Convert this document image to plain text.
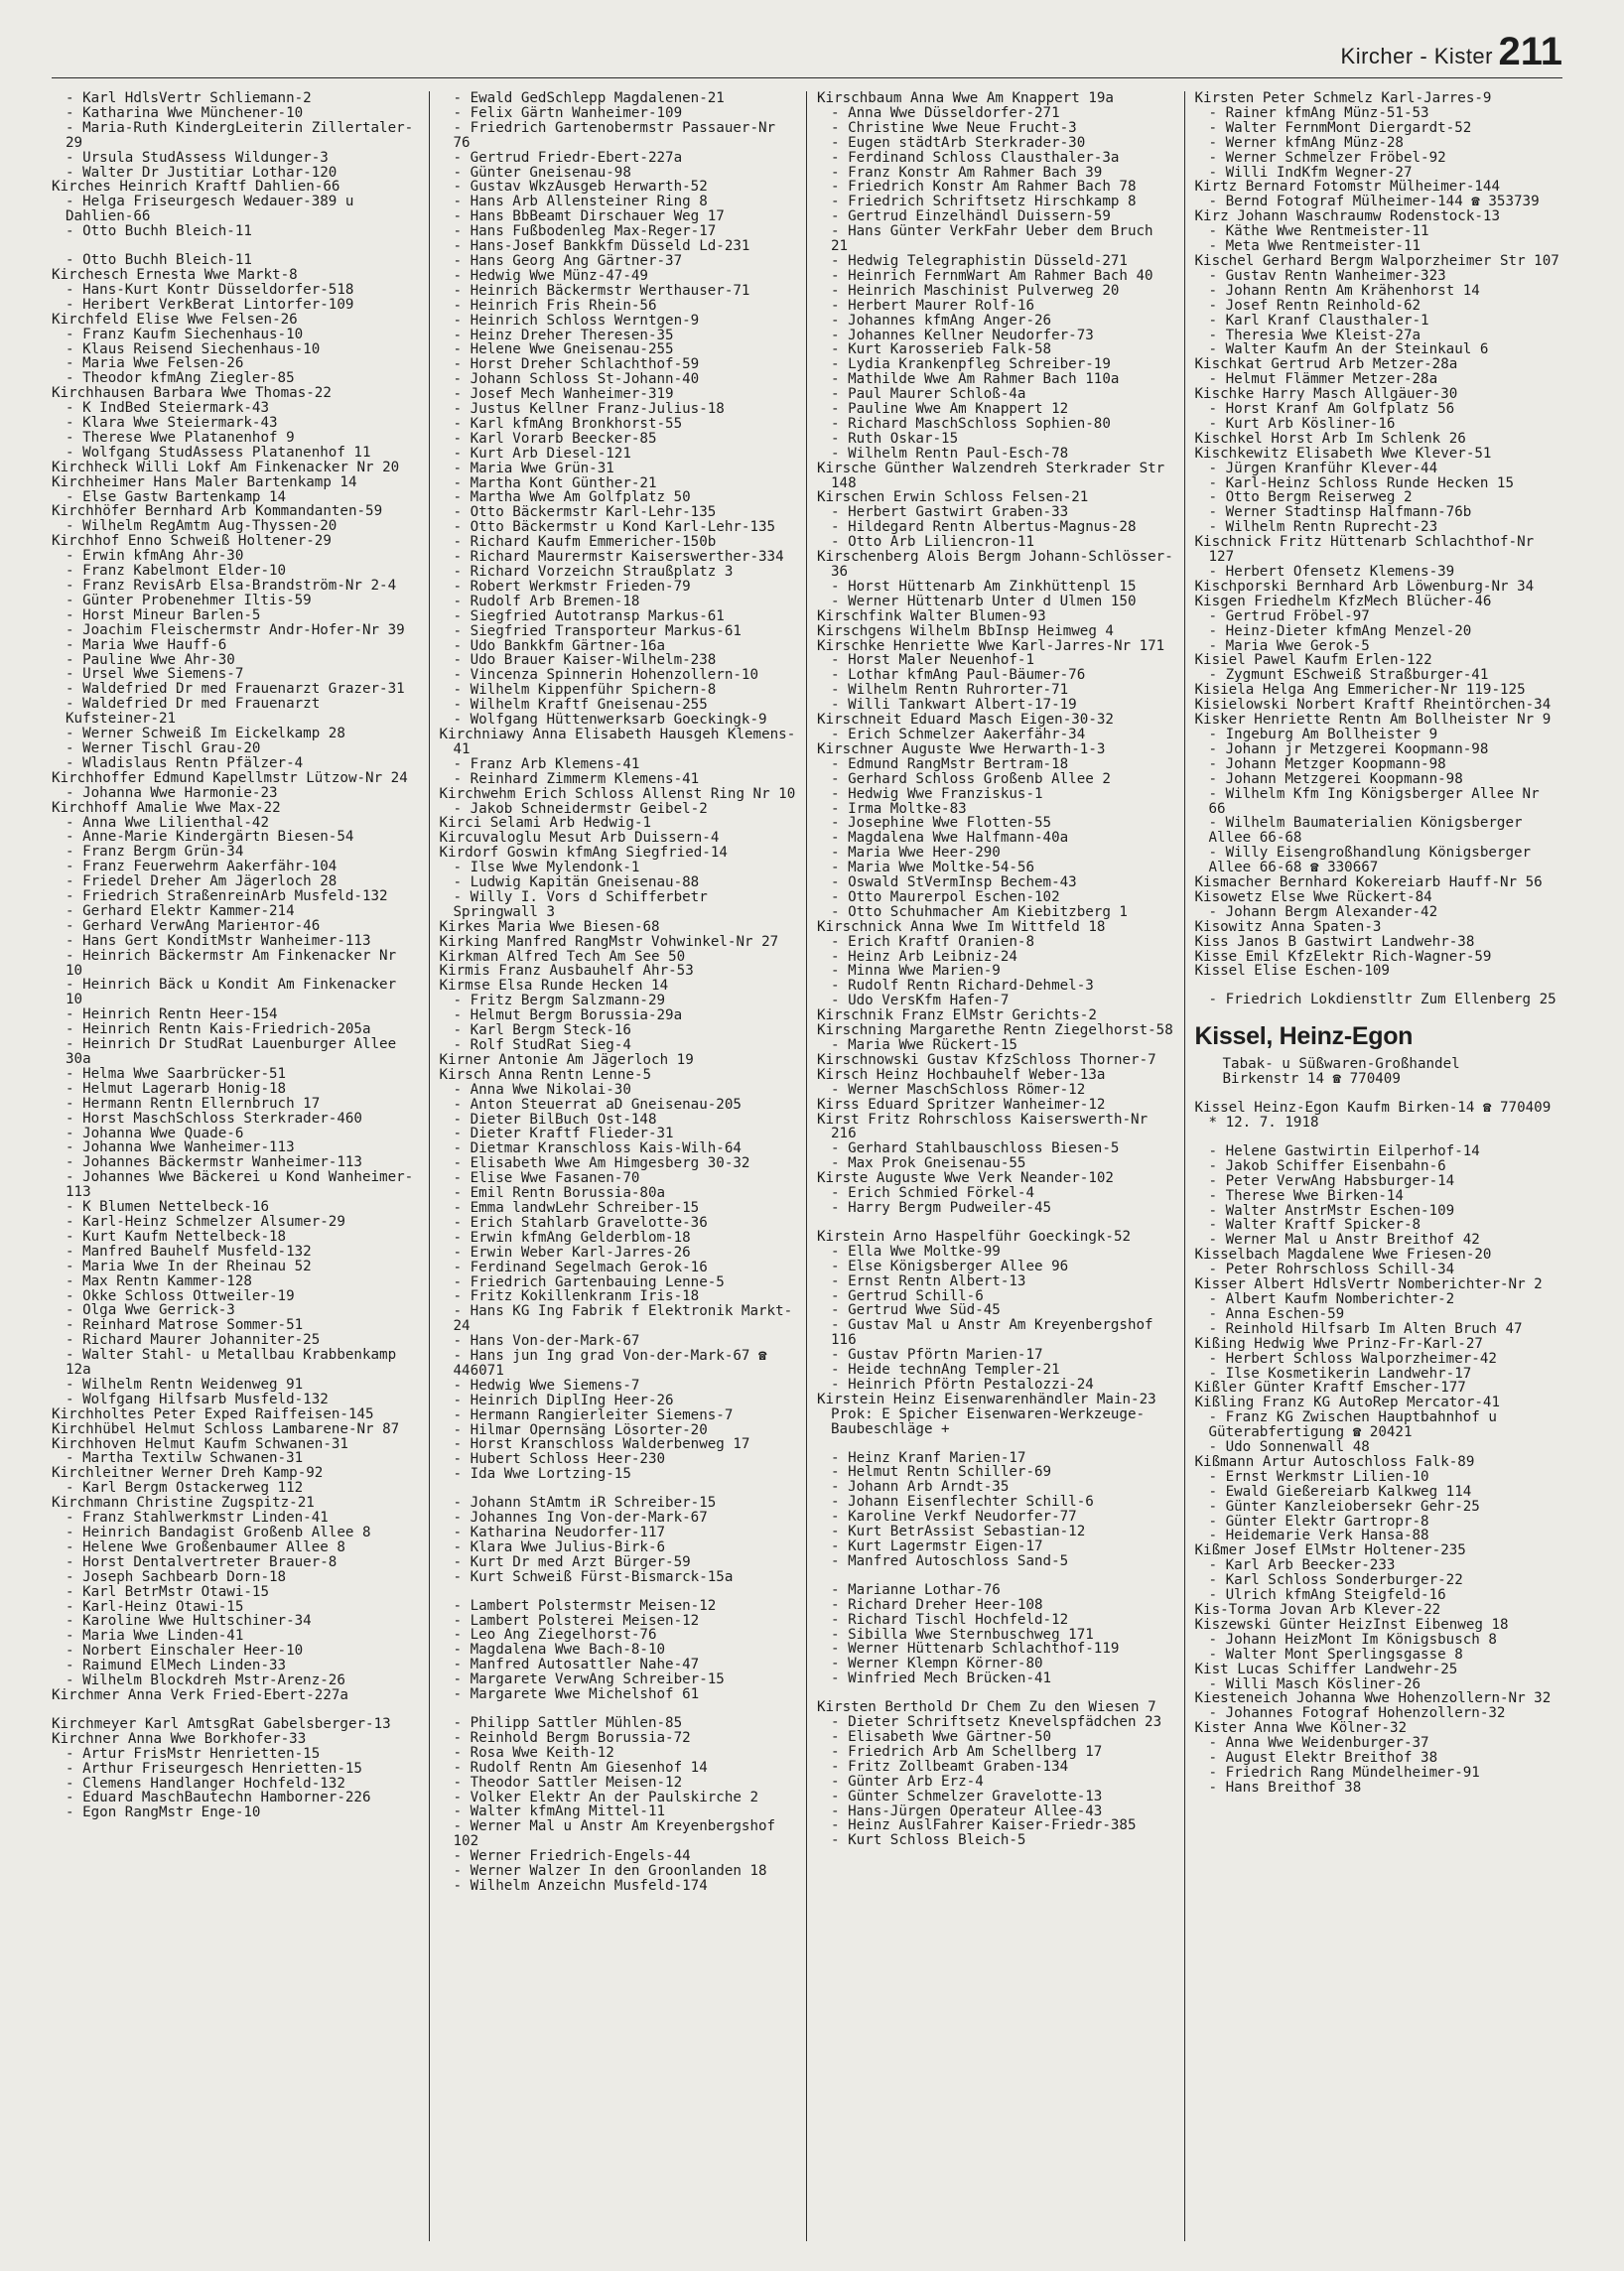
Kircher - Kister 211
- Karl HdlsVertr Schliemann-2
- Katharina Wwe Münchener-10
- Maria-Ruth KindergLeiterin Zillertaler-29
- Ursula StudAssess Wildunger-3
- Walter Dr Justitiar Lothar-120
Kirches Heinrich Kraftf Dahlien-66
- Helga Friseurgesch Wedauer-389 u Dahlien-66
- Otto Buchh Bleich-11
- Otto Buchh Bleich-11
Kirchesch Ernesta Wwe Markt-8
- Hans-Kurt Kontr Düsseldorfer-518
- Heribert VerkBerat Lintorfer-109
Kirchfeld Elise Wwe Felsen-26
- Franz Kaufm Siechenhaus-10
- Klaus Reisend Siechenhaus-10
- Maria Wwe Felsen-26
- Theodor kfmAng Ziegler-85
Kirchhausen Barbara Wwe Thomas-22
- K IndBed Steiermark-43
- Klara Wwe Steiermark-43
- Therese Wwe Platanenhof 9
- Wolfgang StudAssess Platanenhof 11
Kirchheck Willi Lokf Am Finkenacker Nr 20
Kirchheimer Hans Maler Bartenkamp 14
- Else Gastw Bartenkamp 14
Kirchhöfer Bernhard Arb Kommandanten-59
- Wilhelm RegAmtm Aug-Thyssen-20
Kirchhof Enno Schweiß Holtener-29
- Erwin kfmAng Ahr-30
- Franz Kabelmont Elder-10
- Franz RevisArb Elsa-Brandström-Nr 2-4
- Günter Probenehmer Iltis-59
- Horst Mineur Barlen-5
- Joachim Fleischermstr Andr-Hofer-Nr 39
- Maria Wwe Hauff-6
- Pauline Wwe Ahr-30
- Ursel Wwe Siemens-7
- Waldefried Dr med Frauenarzt Grazer-31
- Waldefried Dr med Frauenarzt Kufsteiner-21
- Werner Schweiß Im Eickelkamp 28
- Werner Tischl Grau-20
- Wladislaus Rentn Pfälzer-4
Kirchhoffer Edmund Kapellmstr Lützow-Nr 24
- Johanna Wwe Harmonie-23
Kirchhoff Amalie Wwe Max-22
- Anna Wwe Lilienthal-42
- Anne-Marie Kindergärtn Biesen-54
- Franz Bergm Grün-34
- Franz Feuerwehrm Aakerfähr-104
- Friedel Dreher Am Jägerloch 28
- Friedrich StraßenreinArb Musfeld-132
- Gerhard Elektr Kammer-214
- Gerhard VerwAng Mariентor-46
- Hans Gert KonditMstr Wanheimer-113
- Heinrich Bäckermstr Am Finkenacker Nr 10
- Heinrich Bäck u Kondit Am Finkenacker 10
- Heinrich Rentn Heer-154
- Heinrich Rentn Kais-Friedrich-205a
- Heinrich Dr StudRat Lauenburger Allee 30a
- Helma Wwe Saarbrücker-51
- Helmut Lagerarb Honig-18
- Hermann Rentn Ellernbruch 17
- Horst MaschSchloss Sterkrader-460
- Johanna Wwe Quade-6
- Johanna Wwe Wanheimer-113
- Johannes Bäckermstr Wanheimer-113
- Johannes Wwe Bäckerei u Kond Wanheimer-113
- K Blumen Nettelbeck-16
- Karl-Heinz Schmelzer Alsumer-29
- Kurt Kaufm Nettelbeck-18
- Manfred Bauhelf Musfeld-132
- Maria Wwe In der Rheinau 52
- Max Rentn Kammer-128
- Okke Schloss Ottweiler-19
- Olga Wwe Gerrick-3
- Reinhard Matrose Sommer-51
- Richard Maurer Johanniter-25
- Walter Stahl- u Metallbau Krabbenkamp 12a
- Wilhelm Rentn Weidenweg 91
- Wolfgang Hilfsarb Musfeld-132
Kirchholtes Peter Exped Raiffeisen-145
Kirchhübel Helmut Schloss Lambarene-Nr 87
Kirchhoven Helmut Kaufm Schwanen-31
- Martha Textilw Schwanen-31
Kirchleitner Werner Dreh Kamp-92
- Karl Bergm Ostackerweg 112
Kirchmann Christine Zugspitz-21
- Franz Stahlwerkmstr Linden-41
- Heinrich Bandagist Großenb Allee 8
- Helene Wwe Großenbaumer Allee 8
- Horst Dentalvertreter Brauer-8
- Joseph Sachbearb Dorn-18
- Karl BetrMstr Otawi-15
- Karl-Heinz Otawi-15
- Karoline Wwe Hultschiner-34
- Maria Wwe Linden-41
- Norbert Einschaler Heer-10
- Raimund ElMech Linden-33
- Wilhelm Blockdreh Mstr-Arenz-26
Kirchmer Anna Verk Fried-Ebert-227a
Kirchmeyer Karl AmtsgRat Gabelsberger-13
Kirchner Anna Wwe Borkhofer-33
- Artur FrisMstr Henrietten-15
- Arthur Friseurgesch Henrietten-15
- Clemens Handlanger Hochfeld-132
- Eduard MaschBautechn Hamborner-226
- Egon RangMstr Enge-10
- Ewald GedSchlepp Magdalenen-21
- Felix Gärtn Wanheimer-109
- Friedrich Gartenobermstr Passauer-Nr 76
- Gertrud Friedr-Ebert-227a
- Günter Gneisenau-98
- Gustav WkzAusgeb Herwarth-52
- Hans Arb Allensteiner Ring 8
- Hans BbBeamt Dirschauer Weg 17
- Hans Fußbodenleg Max-Reger-17
- Hans-Josef Bankkfm Düsseld Ld-231
- Hans Georg Ang Gärtner-37
- Hedwig Wwe Münz-47-49
- Heinrich Bäckermstr Werthauser-71
- Heinrich Fris Rhein-56
- Heinrich Schloss Werntgen-9
- Heinz Dreher Theresen-35
- Helene Wwe Gneisenau-255
- Horst Dreher Schlachthof-59
- Johann Schloss St-Johann-40
- Josef Mech Wanheimer-319
- Justus Kellner Franz-Julius-18
- Karl kfmAng Bronkhorst-55
- Karl Vorarb Beecker-85
- Kurt Arb Diesel-121
- Maria Wwe Grün-31
- Martha Kont Günther-21
- Martha Wwe Am Golfplatz 50
- Otto Bäckermstr Karl-Lehr-135
- Otto Bäckermstr u Kond Karl-Lehr-135
- Richard Kaufm Emmericher-150b
- Richard Maurermstr Kaiserswerther-334
- Richard Vorzeichn Straußplatz 3
- Robert Werkmstr Frieden-79
- Rudolf Arb Bremen-18
- Siegfried Autotransp Markus-61
- Siegfried Transporteur Markus-61
- Udo Bankkfm Gärtner-16a
- Udo Brauer Kaiser-Wilhelm-238
- Vincenza Spinnerin Hohenzollern-10
- Wilhelm Kippenführ Spichern-8
- Wilhelm Kraftf Gneisenau-255
- Wolfgang Hüttenwerksarb Goeckingk-9
Kirchniawy Anna Elisabeth Hausgeh Klemens-41
- Franz Arb Klemens-41
- Reinhard Zimmerm Klemens-41
Kirchwehm Erich Schloss Allenst Ring Nr 10
- Jakob Schneidermstr Geibel-2
Kirci Selami Arb Hedwig-1
Kircuvaloglu Mesut Arb Duissern-4
Kirdorf Goswin kfmAng Siegfried-14
- Ilse Wwe Mylendonk-1
- Ludwig Kapitän Gneisenau-88
- Willy I. Vors d Schifferbetr Springwall 3
Kirkes Maria Wwe Biesen-68
Kirking Manfred RangMstr Vohwinkel-Nr 27
Kirkman Alfred Tech Am See 50
Kirmis Franz Ausbauhelf Ahr-53
Kirmse Elsa Runde Hecken 14
- Fritz Bergm Salzmann-29
- Helmut Bergm Borussia-29a
- Karl Bergm Steck-16
- Rolf StudRat Sieg-4
Kirner Antonie Am Jägerloch 19
Kirsch Anna Rentn Lenne-5
- Anna Wwe Nikolai-30
- Anton Steuerrat aD Gneisenau-205
- Dieter BilBuch Ost-148
- Dieter Kraftf Flieder-31
- Dietmar Kranschloss Kais-Wilh-64
- Elisabeth Wwe Am Himgesberg 30-32
- Elise Wwe Fasanen-70
- Emil Rentn Borussia-80a
- Emma landwLehr Schreiber-15
- Erich Stahlarb Gravelotte-36
- Erwin kfmAng Gelderblom-18
- Erwin Weber Karl-Jarres-26
- Ferdinand Segelmach Gerok-16
- Friedrich Gartenbauing Lenne-5
- Fritz Kokillenkranm Iris-18
- Hans KG Ing Fabrik f Elektronik Markt-24
- Hans Von-der-Mark-67
- Hans jun Ing grad Von-der-Mark-67 ☎ 446071
- Hedwig Wwe Siemens-7
- Heinrich DiplIng Heer-26
- Hermann Rangierleiter Siemens-7
- Hilmar Opernsäng Lösorter-20
- Horst Kranschloss Walderbenweg 17
- Hubert Schloss Heer-230
- Ida Wwe Lortzing-15
- Johann StAmtm iR Schreiber-15
- Johannes Ing Von-der-Mark-67
- Katharina Neudorfer-117
- Klara Wwe Julius-Birk-6
- Kurt Dr med Arzt Bürger-59
- Kurt Schweiß Fürst-Bismarck-15a
- Lambert Polstermstr Meisen-12
- Lambert Polsterei Meisen-12
- Leo Ang Ziegelhorst-76
- Magdalena Wwe Bach-8-10
- Manfred Autosattler Nahe-47
- Margarete VerwAng Schreiber-15
- Margarete Wwe Michelshof 61
- Philipp Sattler Mühlen-85
- Reinhold Bergm Borussia-72
- Rosa Wwe Keith-12
- Rudolf Rentn Am Giesenhof 14
- Theodor Sattler Meisen-12
- Volker Elektr An der Paulskirche 2
- Walter kfmAng Mittel-11
- Werner Mal u Anstr Am Kreyenbergshof 102
- Werner Friedrich-Engels-44
- Werner Walzer In den Groonlanden 18
- Wilhelm Anzeichn Musfeld-174
Kirschbaum Anna Wwe Am Knappert 19a
- Anna Wwe Düsseldorfer-271
- Christine Wwe Neue Frucht-3
- Eugen städtArb Sterkrader-30
- Ferdinand Schloss Clausthaler-3a
- Franz Konstr Am Rahmer Bach 39
- Friedrich Konstr Am Rahmer Bach 78
- Friedrich Schriftsetz Hirschkamp 8
- Gertrud Einzelhändl Duissern-59
- Hans Günter VerkFahr Ueber dem Bruch 21
- Hedwig Telegraphistin Düsseld-271
- Heinrich FernmWart Am Rahmer Bach 40
- Heinrich Maschinist Pulverweg 20
- Herbert Maurer Rolf-16
- Johannes kfmAng Anger-26
- Johannes Kellner Neudorfer-73
- Kurt Karosserieb Falk-58
- Lydia Krankenpfleg Schreiber-19
- Mathilde Wwe Am Rahmer Bach 110a
- Paul Maurer Schloß-4a
- Pauline Wwe Am Knappert 12
- Richard MaschSchloss Sophien-80
- Ruth Oskar-15
- Wilhelm Rentn Paul-Esch-78
Kirsche Günther Walzendreh Sterkrader Str 148
Kirschen Erwin Schloss Felsen-21
- Herbert Gastwirt Graben-33
- Hildegard Rentn Albertus-Magnus-28
- Otto Arb Liliencron-11
Kirschenberg Alois Bergm Johann-Schlösser-36
- Horst Hüttenarb Am Zinkhüttenpl 15
- Werner Hüttenarb Unter d Ulmen 150
Kirschfink Walter Blumen-93
Kirschgens Wilhelm BbInsp Heimweg 4
Kirschke Henriette Wwe Karl-Jarres-Nr 171
- Horst Maler Neuenhof-1
- Lothar kfmAng Paul-Bäumer-76
- Wilhelm Rentn Ruhrorter-71
- Willi Tankwart Albert-17-19
Kirschneit Eduard Masch Eigen-30-32
- Erich Schmelzer Aakerfähr-34
Kirschner Auguste Wwe Herwarth-1-3
- Edmund RangMstr Bertram-18
- Gerhard Schloss Großenb Allee 2
- Hedwig Wwe Franziskus-1
- Irma Moltke-83
- Josephine Wwe Flotten-55
- Magdalena Wwe Halfmann-40a
- Maria Wwe Heer-290
- Maria Wwe Moltke-54-56
- Oswald StVermInsp Bechem-43
- Otto Maurerpol Eschen-102
- Otto Schuhmacher Am Kiebitzberg 1
Kirschnick Anna Wwe Im Wittfeld 18
- Erich Kraftf Oranien-8
- Heinz Arb Leibniz-24
- Minna Wwe Marien-9
- Rudolf Rentn Richard-Dehmel-3
- Udo VersKfm Hafen-7
Kirschnik Franz ElMstr Gerichts-2
Kirschning Margarethe Rentn Ziegelhorst-58
- Maria Wwe Rückert-15
Kirschnowski Gustav KfzSchloss Thorner-7
Kirsch Heinz Hochbauhelf Weber-13a
- Werner MaschSchloss Römer-12
Kirss Eduard Spritzer Wanheimer-12
Kirst Fritz Rohrschloss Kaiserswerth-Nr 216
- Gerhard Stahlbauschloss Biesen-5
- Max Prok Gneisenau-55
Kirste Auguste Wwe Verk Neander-102
- Erich Schmied Förkel-4
- Harry Bergm Pudweiler-45
Kirstein Arno Haspelführ Goeckingk-52
- Ella Wwe Moltke-99
- Else Königsberger Allee 96
- Ernst Rentn Albert-13
- Gertrud Schill-6
- Gertrud Wwe Süd-45
- Gustav Mal u Anstr Am Kreyenbergshof 116
- Gustav Pförtn Marien-17
- Heide technAng Templer-21
- Heinrich Pförtn Pestalozzi-24
Kirstein Heinz Eisenwarenhändler Main-23 Prok: E Spicher Eisenwaren-Werkzeuge-Baubeschläge +
- Heinz Kranf Marien-17
- Helmut Rentn Schiller-69
- Johann Arb Arndt-35
- Johann Eisenflechter Schill-6
- Karoline Verkf Neudorfer-77
- Kurt BetrAssist Sebastian-12
- Kurt Lagermstr Eigen-17
- Manfred Autoschloss Sand-5
- Marianne Lothar-76
- Richard Dreher Heer-108
- Richard Tischl Hochfeld-12
- Sibilla Wwe Sternbuschweg 171
- Werner Hüttenarb Schlachthof-119
- Werner Klempn Körner-80
- Winfried Mech Brücken-41
Kirsten Berthold Dr Chem Zu den Wiesen 7
- Dieter Schriftsetz Knevelspfädchen 23
- Elisabeth Wwe Gärtner-50
- Friedrich Arb Am Schellberg 17
- Fritz Zollbeamt Graben-134
- Günter Arb Erz-4
- Günter Schmelzer Gravelotte-13
- Hans-Jürgen Operateur Allee-43
- Heinz AuslFahrer Kaiser-Friedr-385
- Kurt Schloss Bleich-5
Kirsten Peter Schmelz Karl-Jarres-9
- Rainer kfmAng Münz-51-53
- Walter FernmMont Diergardt-52
- Werner kfmAng Münz-28
- Werner Schmelzer Fröbel-92
- Willi IndKfm Wegner-27
Kirtz Bernard Fotomstr Mülheimer-144
- Bernd Fotograf Mülheimer-144 ☎ 353739
Kirz Johann Waschraumw Rodenstock-13
- Käthe Wwe Rentmeister-11
- Meta Wwe Rentmeister-11
Kischel Gerhard Bergm Walporzheimer Str 107
- Gustav Rentn Wanheimer-323
- Johann Rentn Am Krähenhorst 14
- Josef Rentn Reinhold-62
- Karl Kranf Clausthaler-1
- Theresia Wwe Kleist-27a
- Walter Kaufm An der Steinkaul 6
Kischkat Gertrud Arb Metzer-28a
- Helmut Flämmer Metzer-28a
Kischke Harry Masch Allgäuer-30
- Horst Kranf Am Golfplatz 56
- Kurt Arb Kösliner-16
Kischkel Horst Arb Im Schlenk 26
Kischkewitz Elisabeth Wwe Klever-51
- Jürgen Kranführ Klever-44
- Karl-Heinz Schloss Runde Hecken 15
- Otto Bergm Reiserweg 2
- Werner Stadtinsp Halfmann-76b
- Wilhelm Rentn Ruprecht-23
Kischnick Fritz Hüttenarb Schlachthof-Nr 127
- Herbert Ofensetz Klemens-39
Kischporski Bernhard Arb Löwenburg-Nr 34
Kisgen Friedhelm KfzMech Blücher-46
- Gertrud Fröbel-97
- Heinz-Dieter kfmAng Menzel-20
- Maria Wwe Gerok-5
Kisiel Pawel Kaufm Erlen-122
- Zygmunt ESchweiß Straßburger-41
Kisiela Helga Ang Emmericher-Nr 119-125
Kisielowski Norbert Kraftf Rheintörchen-34
Kisker Henriette Rentn Am Bollheister Nr 9
- Ingeburg Am Bollheister 9
- Johann jr Metzgerei Koopmann-98
- Johann Metzger Koopmann-98
- Johann Metzgerei Koopmann-98
- Wilhelm Kfm Ing Königsberger Allee Nr 66
- Wilhelm Baumaterialien Königsberger Allee 66-68
- Willy Eisengroßhandlung Königsberger Allee 66-68 ☎ 330667
Kismacher Bernhard Kokereiarb Hauff-Nr 56
Kisowetz Else Wwe Rückert-84
- Johann Bergm Alexander-42
Kisowitz Anna Spaten-3
Kiss Janos B Gastwirt Landwehr-38
Kisse Emil KfzElektr Rich-Wagner-59
Kissel Elise Eschen-109
- Friedrich Lokdienstltr Zum Ellenberg 25
Kissel, Heinz-Egon
Tabak- u Süßwaren-Großhandel
Birkenstr 14 ☎ 770409
Kissel Heinz-Egon Kaufm Birken-14 ☎ 770409 * 12. 7. 1918
- Helene Gastwirtin Eilperhof-14
- Jakob Schiffer Eisenbahn-6
- Peter VerwAng Habsburger-14
- Therese Wwe Birken-14
- Walter AnstrMstr Eschen-109
- Walter Kraftf Spicker-8
- Werner Mal u Anstr Breithof 42
Kisselbach Magdalene Wwe Friesen-20
- Peter Rohrschloss Schill-34
Kisser Albert HdlsVertr Nomberichter-Nr 2
- Albert Kaufm Nomberichter-2
- Anna Eschen-59
- Reinhold Hilfsarb Im Alten Bruch 47
Kißing Hedwig Wwe Prinz-Fr-Karl-27
- Herbert Schloss Walporzheimer-42
- Ilse Kosmetikerin Landwehr-17
Kißler Günter Kraftf Emscher-177
Kißling Franz KG AutoRep Mercator-41
- Franz KG Zwischen Hauptbahnhof u Güterabfertigung ☎ 20421
- Udo Sonnenwall 48
Kißmann Artur Autoschloss Falk-89
- Ernst Werkmstr Lilien-10
- Ewald Gießereiarb Kalkweg 114
- Günter Kanzleiobersekr Gehr-25
- Günter Elektr Gartropr-8
- Heidemarie Verk Hansa-88
Kißmer Josef ElMstr Holtener-235
- Karl Arb Beecker-233
- Karl Schloss Sonderburger-22
- Ulrich kfmAng Steigfeld-16
Kis-Torma Jovan Arb Klever-22
Kiszewski Günter HeizInst Eibenweg 18
- Johann HeizMont Im Königsbusch 8
- Walter Mont Sperlingsgasse 8
Kist Lucas Schiffer Landwehr-25
- Willi Masch Kösliner-26
Kiesteneich Johanna Wwe Hohenzollern-Nr 32
- Johannes Fotograf Hohenzollern-32
Kister Anna Wwe Kölner-32
- Anna Wwe Weidenburger-37
- August Elektr Breithof 38
- Friedrich Rang Mündelheimer-91
- Hans Breithof 38
